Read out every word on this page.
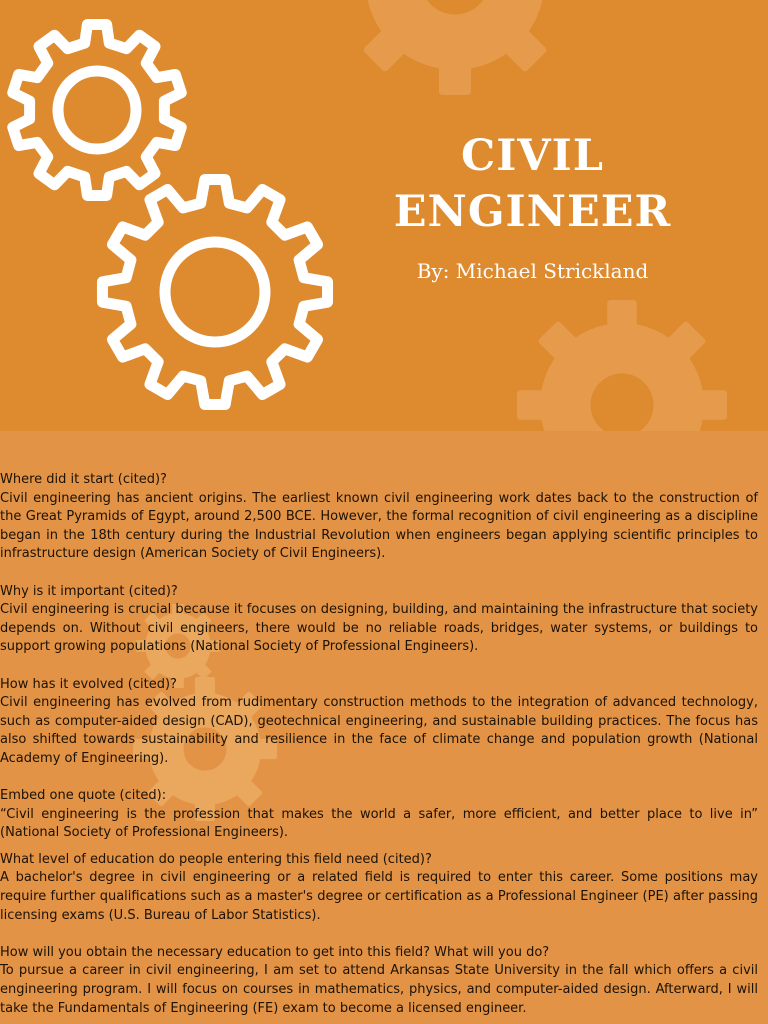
CIVIL
ENGINEER
By: Michael Strickland

Where did it start (cited)?

Civil engineering has ancient origins. The earliest known civil engineering work dates back to the construction of the Great Pyramids of Egypt, around 2,500 BCE. However, the formal recognition of civil engineering as a discipline began in the 18th century during the Industrial Revolution when engineers began applying scientific principles to infrastructure design (American Society of Civil Engineers).

Why is it important (cited)?

Civil engineering is crucial because it focuses on designing, building, and maintaining the infrastructure that society depends on. Without civil engineers, there would be no reliable roads, bridges, water systems, or buildings to support growing populations (National Society of Professional Engineers).

How has it evolved (cited)?

Civil engineering has evolved from rudimentary construction methods to the integration of advanced technology, such as computer-aided design (CAD), geotechnical engineering, and sustainable building practices. The focus has also shifted towards sustainability and resilience in the face of climate change and population growth (National Academy of Engineering).

Embed one quote (cited):

“Civil engineering is the profession that makes the world a safer, more efficient, and better place to live in” (National Society of Professional Engineers).

What level of education do people entering this field need (cited)?

A bachelor's degree in civil engineering or a related field is required to enter this career. Some positions may require further qualifications such as a master's degree or certification as a Professional Engineer (PE) after passing licensing exams (U.S. Bureau of Labor Statistics).

How will you obtain the necessary education to get into this field? What will you do?

To pursue a career in civil engineering, I am set to attend Arkansas State University in the fall which offers a civil engineering program. I will focus on courses in mathematics, physics, and computer-aided design. Afterward, I will take the Fundamentals of Engineering (FE) exam to become a licensed engineer.
